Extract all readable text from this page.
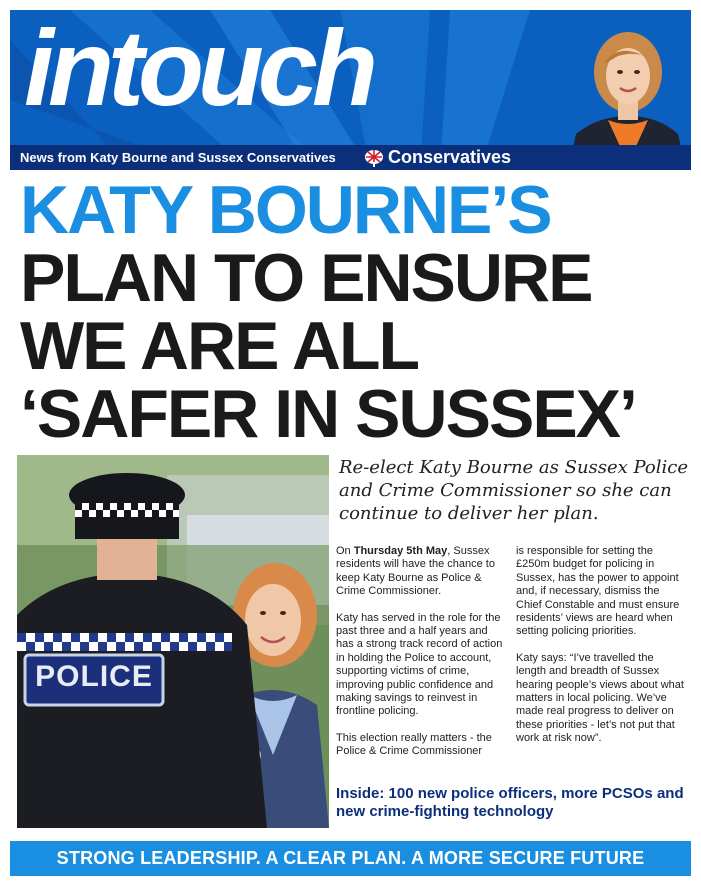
intouch
News from Katy Bourne and Sussex Conservatives	Conservatives
KATY BOURNE’S
PLAN TO ENSURE
WE ARE ALL
‘SAFER IN SUSSEX’
POLICE
Re-elect Katy Bourne as Sussex Police and Crime Commissioner so she can continue to deliver her plan.

On Thursday 5th May, Sussex residents will have the chance to keep Katy Bourne as Police & Crime Commissioner.

Katy has served in the role for the past three and a half years and has a strong track record of action in holding the Police to account, supporting victims of crime, improving public confidence and making savings to reinvest in frontline policing.

This election really matters - the Police & Crime Commissioner

is responsible for setting the £250m budget for policing in Sussex, has the power to appoint and, if necessary, dismiss the Chief Constable and must ensure residents’ views are heard when setting policing priorities.

Katy says: “I’ve travelled the length and breadth of Sussex hearing people’s views about what matters in local policing. We’ve made real progress to deliver on these priorities - let’s not put that work at risk now”.

Inside: 100 new police officers, more PCSOs and new crime-fighting technology
STRONG LEADERSHIP. A CLEAR PLAN. A MORE SECURE FUTURE
